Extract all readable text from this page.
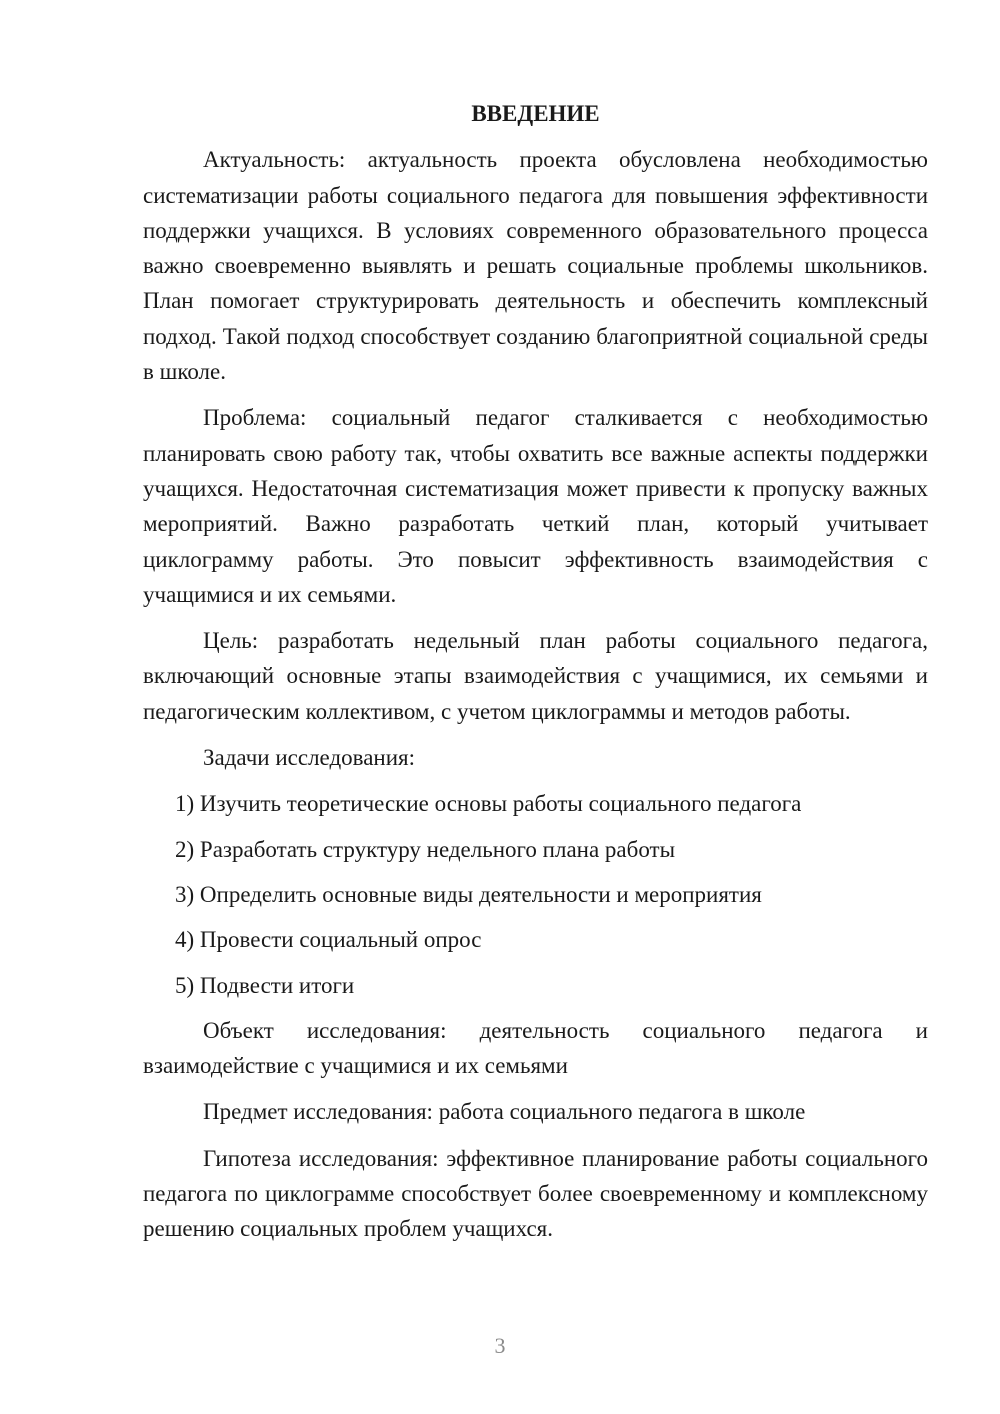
ВВЕДЕНИЕ

Актуальность: актуальность проекта обусловлена необходимостью систематизации работы социального педагога для повышения эффективности поддержки учащихся. В условиях современного образовательного процесса важно своевременно выявлять и решать социальные проблемы школьников. План помогает структурировать деятельность и обеспечить комплексный подход. Такой подход способствует созданию благоприятной социальной среды в школе.

Проблема: социальный педагог сталкивается с необходимостью планировать свою работу так, чтобы охватить все важные аспекты поддержки учащихся. Недостаточная систематизация может привести к пропуску важных мероприятий. Важно разработать четкий план, который учитывает циклограмму работы. Это повысит эффективность взаимодействия с учащимися и их семьями.

Цель: разработать недельный план работы социального педагога, включающий основные этапы взаимодействия с учащимися, их семьями и педагогическим коллективом, с учетом циклограммы и методов работы.

Задачи исследования:

1) Изучить теоретические основы работы социального педагога
2) Разработать структуру недельного плана работы
3) Определить основные виды деятельности и мероприятия
4) Провести социальный опрос
5) Подвести итоги

Объект исследования: деятельность социального педагога и взаимодействие с учащимися и их семьями

Предмет исследования: работа социального педагога в школе

Гипотеза исследования: эффективное планирование работы социального педагога по циклограмме способствует более своевременному и комплексному решению социальных проблем учащихся.

3
